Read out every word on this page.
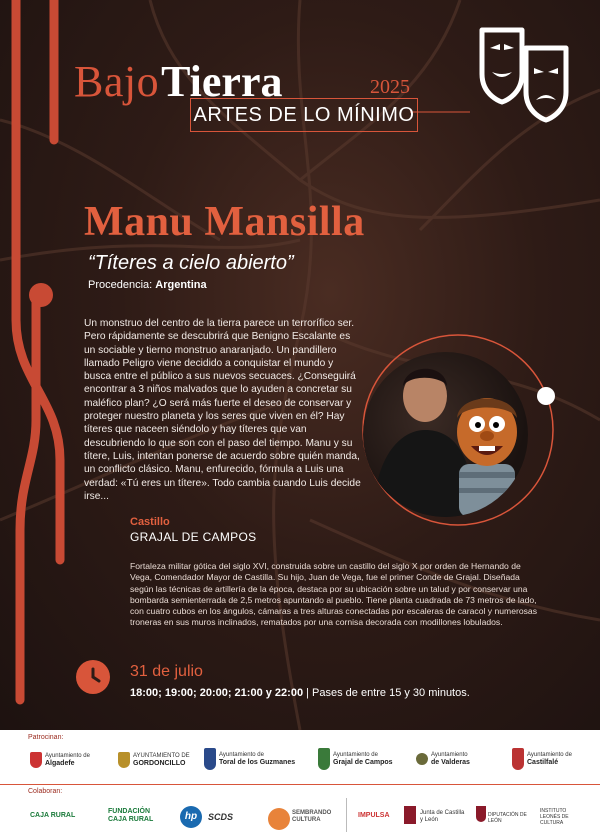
BajoTierra	2025
ARTES DE LO MÍNIMO
Manu Mansilla
“Títeres a cielo abierto”
Procedencia: Argentina
Un monstruo del centro de la tierra parece un terrorífico ser. Pero rápidamente se descubrirá que Benigno Escalante es un sociable y tierno monstruo anaranjado. Un pandillero llamado Peligro viene decidido a conquistar el mundo y busca entre el público a sus nuevos secuaces. ¿Conseguirá encontrar a 3 niños malvados que lo ayuden a concretar su maléfico plan? ¿O será más fuerte el deseo de conservar y proteger nuestro planeta y los seres que viven en él? Hay títeres que naceen siéndolo y hay títeres que van descubriendo lo que son con el paso del tiempo. Manu y su títere, Luis, intentan ponerse de acuerdo sobre quién manda, un conflicto clásico. Manu, enfurecido, fórmula a Luis una verdad: «Tú eres un títere». Todo cambia cuando Luis decide irse...
Castillo
GRAJAL DE CAMPOS
Fortaleza militar gótica del siglo XVI, construida sobre un castillo del siglo X por orden de Hernando de Vega, Comendador Mayor de Castilla. Su hijo, Juan de Vega, fue el primer Conde de Grajal. Diseñada según las técnicas de artillería de la época, destaca por su ubicación sobre un talud y por conservar una bombarda semienterrada de 2,5 metros apuntando al pueblo. Tiene planta cuadrada de 73 metros de lado, con cuatro cubos en los ángulos, cámaras a tres alturas conectadas por escaleras de caracol y numerosas troneras en sus muros inclinados, rematados por una cornisa decorada con modillones lobulados.
31 de julio
18:00; 19:00; 20:00; 21:00 y 22:00 | Pases de entre 15 y 30 minutos.
Patrocinan:
Ayuntamiento de
Algadefe
AYUNTAMIENTO DE
GORDONCILLO
Ayuntamiento de
Toral de los Guzmanes
Ayuntamiento de
Grajal de Campos
Ayuntamiento
de Valderas
Ayuntamiento de
Castilfalé
Colaboran:
CAJA RURAL
FUNDACIÓN CAJA RURAL	hp	SCDS	SEMBRANDO CULTURA
IMPULSA	Junta de Castilla y León
DIPUTACIÓN DE LEÓN
INSTITUTO LEONÉS DE CULTURA
